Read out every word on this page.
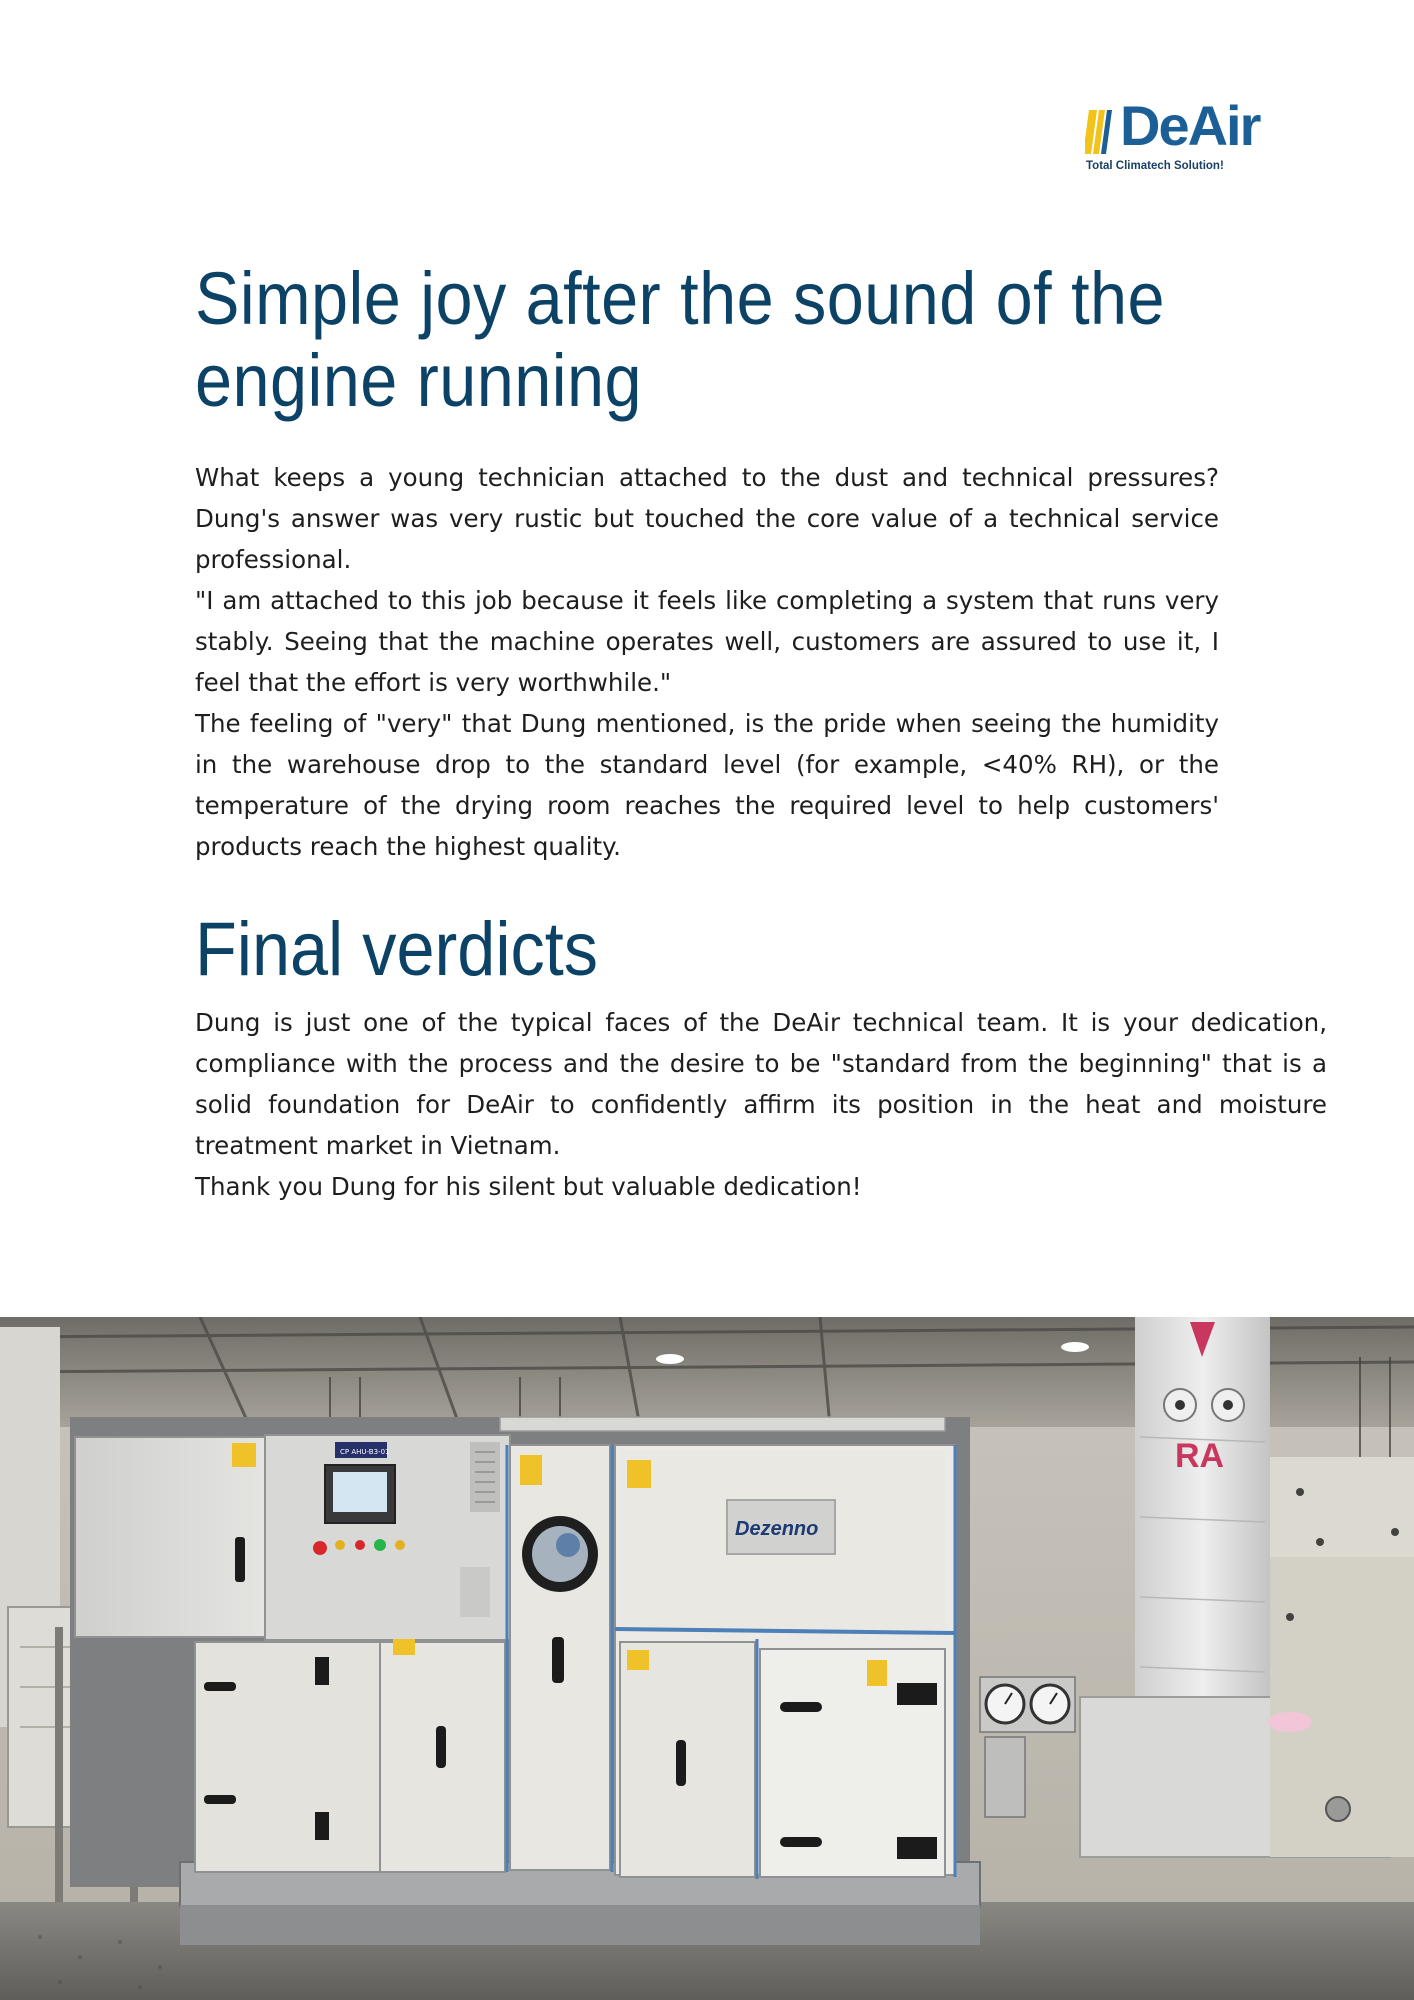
DeAir
Total Climatech Solution!
Simple joy after the sound of the
engine running

What keeps a young technician attached to the dust and technical pressures? Dung's answer was very rustic but touched the core value of a technical service professional.

"I am attached to this job because it feels like completing a system that runs very stably. Seeing that the machine operates well, customers are assured to use it, I feel that the effort is very worthwhile."

The feeling of "very" that Dung mentioned, is the pride when seeing the humidity in the warehouse drop to the standard level (for example, <40% RH), or the temperature of the drying room reaches the required level to help customers' products reach the highest quality.

Final verdicts

Dung is just one of the typical faces of the DeAir technical team. It is your dedication, compliance with the process and the desire to be "standard from the beginning" that is a solid foundation for DeAir to confidently affirm its position in the heat and moisture treatment market in Vietnam.

Thank you Dung for his silent but valuable dedication!

RA
CP AHU-B3-01
Dezenno
